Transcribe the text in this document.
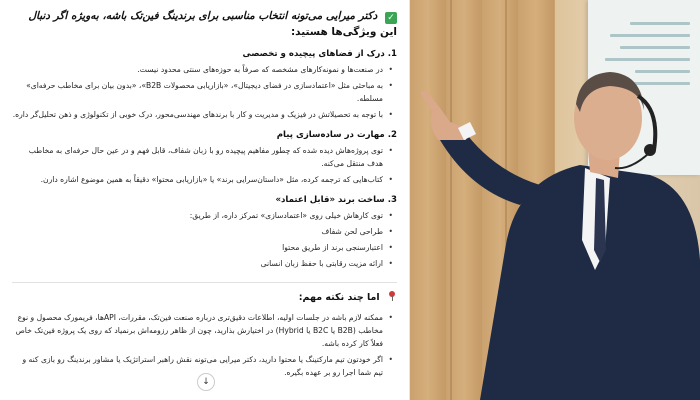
✓ دکتر میرایی می‌تونه انتخاب مناسبی برای برندینگ فین‌تک باشه، به‌ویژه اگر دنبال
این ویژگی‌ها هستید:
1. درک از فضاهای پیچیده و تخصصی
• در صنعت‌ها و نمونه‌کارهای مشخصه که صرفاً به حوزه‌های سنتی محدود نیست.
• به مباحثی مثل «اعتمادسازی در فضای دیجیتال»، «بازاریابی محصولات B2B»، «بدون بیان برای مخاطب حرفه‌ای» مسلطه.
• با توجه به تحصیلاتش در فیزیک و مدیریت و کار با برندهای مهندسی‌محور، درک خوبی از تکنولوژی و ذهن تحلیل‌گر داره.
2. مهارت در ساده‌سازی پیام
• توی پروژه‌هاش دیده شده که چطور مفاهیم پیچیده رو با زبان شفاف، قابل فهم و در عین حال حرفه‌ای به مخاطب هدف منتقل می‌کنه.
• کتاب‌هایی که ترجمه کرده، مثل «داستان‌سرایی برند» یا «بازاریابی محتوا» دقیقاً به همین موضوع اشاره دارن.
3. ساخت برند «قابل اعتماد»
• توی کارهاش خیلی روی «اعتمادسازی» تمرکز داره، از طریق:
• طراحی لحن شفاف
• اعتبارسنجی برند از طریق محتوا
• ارائه مزیت رقابتی با حفظ زبان انسانی
اما چند نکته مهم:
• ممکنه لازم باشه در جلسات اولیه، اطلاعات دقیق‌تری درباره صنعت فین‌تک، مقررات، APIها، فریمورک محصول و نوع مخاطب (B2B یا B2C یا Hybrid) در اختیارش بذارید، چون از ظاهر رزومه‌اش برنمیاد که روی یک پروژه فین‌تک خاص فعلاً کار کرده باشه.
• اگر خودتون تیم مارکتینگ یا محتوا دارید، دکتر میرایی می‌تونه نقش راهبر استراتژیک یا مشاور برندینگ رو بازی کنه و تیم شما اجرا رو بر عهده بگیره.
↓
